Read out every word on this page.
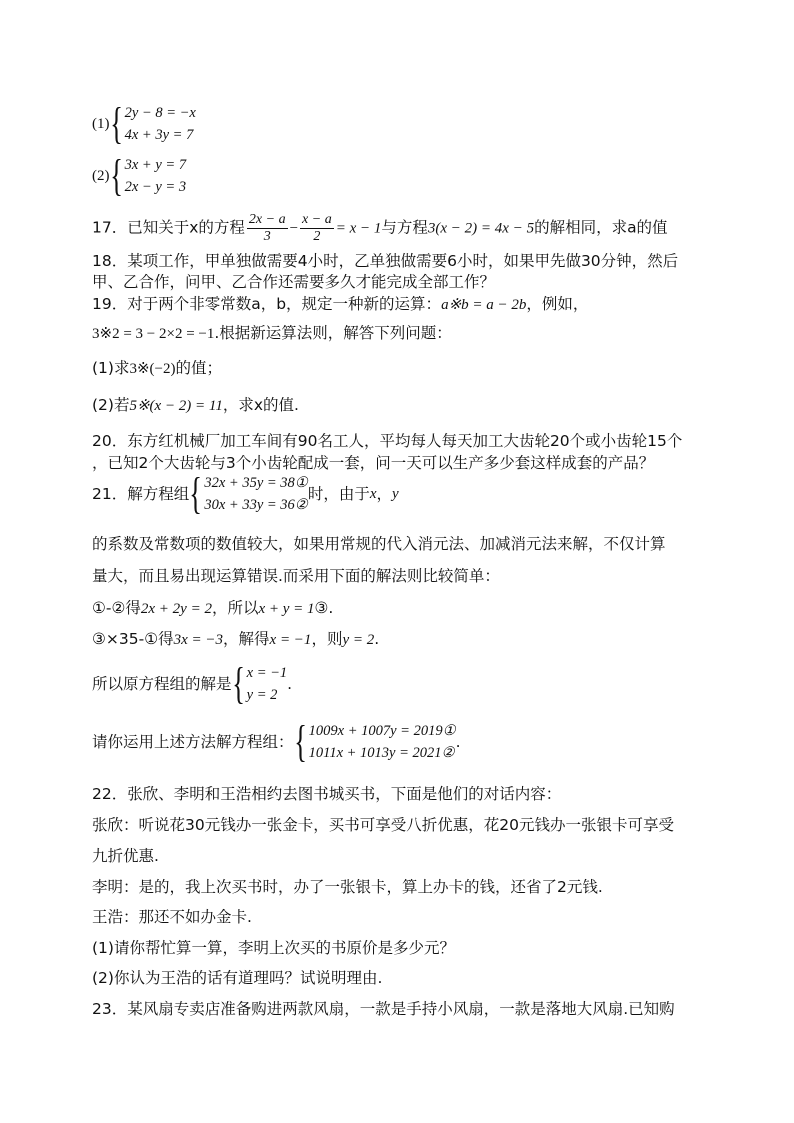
(1) { 2y − 8 = −x
4x + 3y = 7
(2) { 3x + y = 7
2x − y = 3
17．已知关于x的方程 $\frac{2x - a}{3} - \frac{x - a}{2} = x - 1$与方程3(x − 2) = 4x − 5的解相同，求a的值
18．某项工作，甲单独做需要4小时，乙单独做需要6小时，如果甲先做30分钟，然后
甲、乙合作，问甲、乙合作还需要多久才能完成全部工作？
19．对于两个非零常数a，b，规定一种新的运算：a※b = a − 2b，例如，
3※2 = 3 − 2×2 = −1.根据新运算法则，解答下列问题：
(1)求3※(−2)的值；
(2)若5※(x − 2) = 11，求x的值.
20．东方红机械厂加工车间有90名工人，平均每人每天加工大齿轮20个或小齿轮15个
，已知2个大齿轮与3个小齿轮配成一套，问一天可以生产多少套这样成套的产品？
21．解方程组 { 32x + 35y = 38①
30x + 33y = 36②
时，由于 x ， y
的系数及常数项的数值较大，如果用常规的代入消元法、加减消元法来解，不仅计算
量大，而且易出现运算错误.而采用下面的解法则比较简单：
①-②得2x + 2y = 2，所以x + y = 1③.
③×35-①得3x = −3，解得x = −1，则y = 2.
所以原方程组的解是 { x = −1
y = 2
.
请你运用上述方法解方程组： { 1009x + 1007y = 2019①
1011x + 1013y = 2021②
.
22．张欣、李明和王浩相约去图书城买书，下面是他们的对话内容：
张欣：听说花30元钱办一张金卡，买书可享受八折优惠，花20元钱办一张银卡可享受
九折优惠.
李明：是的，我上次买书时，办了一张银卡，算上办卡的钱，还省了2元钱.
王浩：那还不如办金卡.
(1)请你帮忙算一算，李明上次买的书原价是多少元？
(2)你认为王浩的话有道理吗？试说明理由.
23．某风扇专卖店准备购进两款风扇，一款是手持小风扇，一款是落地大风扇.已知购
